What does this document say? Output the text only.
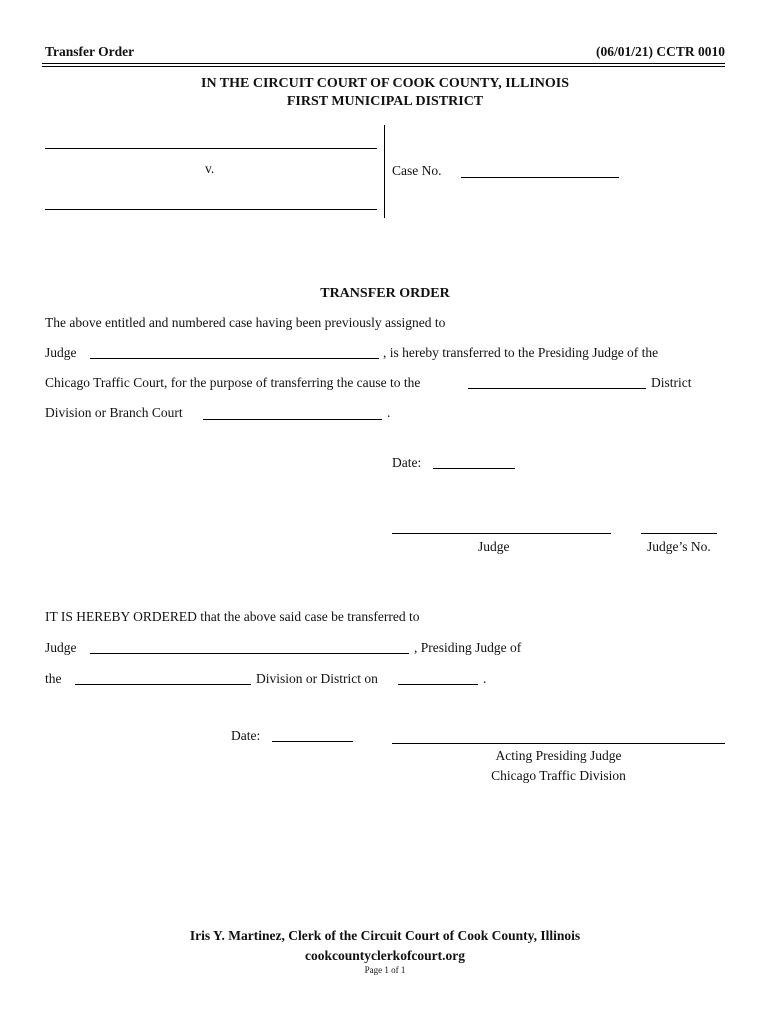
Transfer Order	(06/01/21) CCTR 0010
IN THE CIRCUIT COURT OF COOK COUNTY, ILLINOIS
FIRST MUNICIPAL DISTRICT
v.	Case No.
TRANSFER ORDER
The above entitled and numbered case having been previously assigned to
Judge	, is hereby transferred to the Presiding Judge of the
Chicago Traffic Court, for the purpose of transferring the cause to the	District
Division or Branch Court	.
Date:
Judge	Judge’s No.
IT IS HEREBY ORDERED that the above said case be transferred to
Judge	, Presiding Judge of
the	Division or District on	.
Date:
Acting Presiding Judge
Chicago Traffic Division
Iris Y. Martinez, Clerk of the Circuit Court of Cook County, Illinois
cookcountyclerkofcourt.org
Page 1 of 1
